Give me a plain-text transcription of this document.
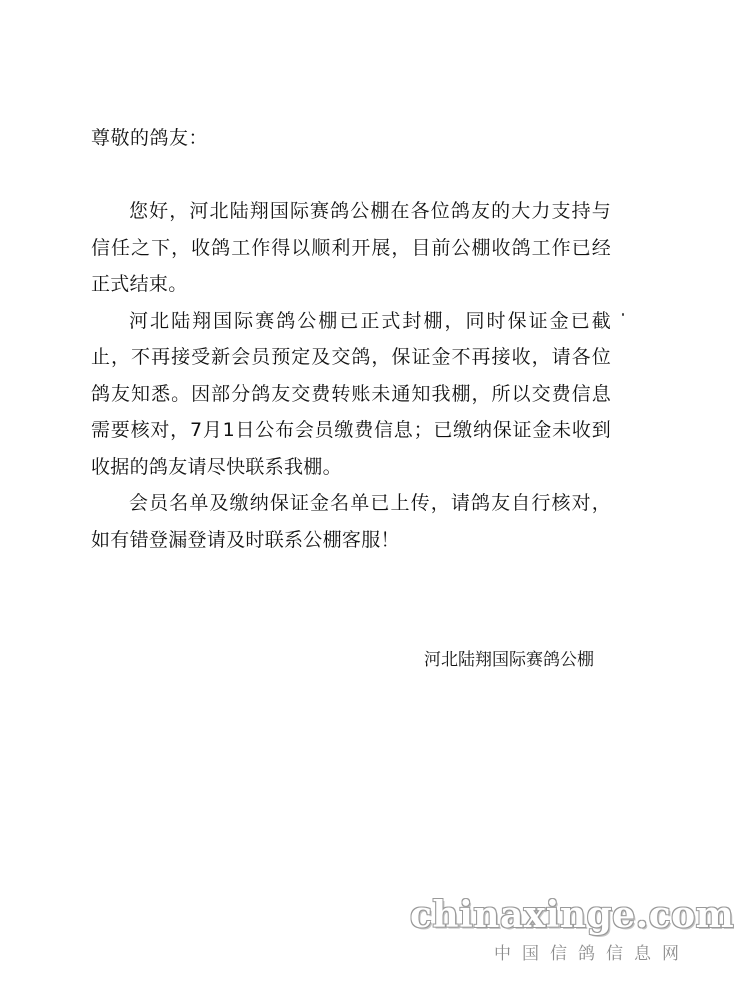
尊敬的鸽友：

您好，河北陆翔国际赛鸽公棚在各位鸽友的大力支持与信任之下，收鸽工作得以顺利开展，目前公棚收鸽工作已经正式结束。

河北陆翔国际赛鸽公棚已正式封棚，同时保证金已截止，不再接受新会员预定及交鸽，保证金不再接收，请各位鸽友知悉。因部分鸽友交费转账未通知我棚，所以交费信息需要核对，7月1日公布会员缴费信息；已缴纳保证金未收到收据的鸽友请尽快联系我棚。

会员名单及缴纳保证金名单已上传，请鸽友自行核对，如有错登漏登请及时联系公棚客服！

河北陆翔国际赛鸽公棚
chinaxinge.com
中国信鸽信息网
